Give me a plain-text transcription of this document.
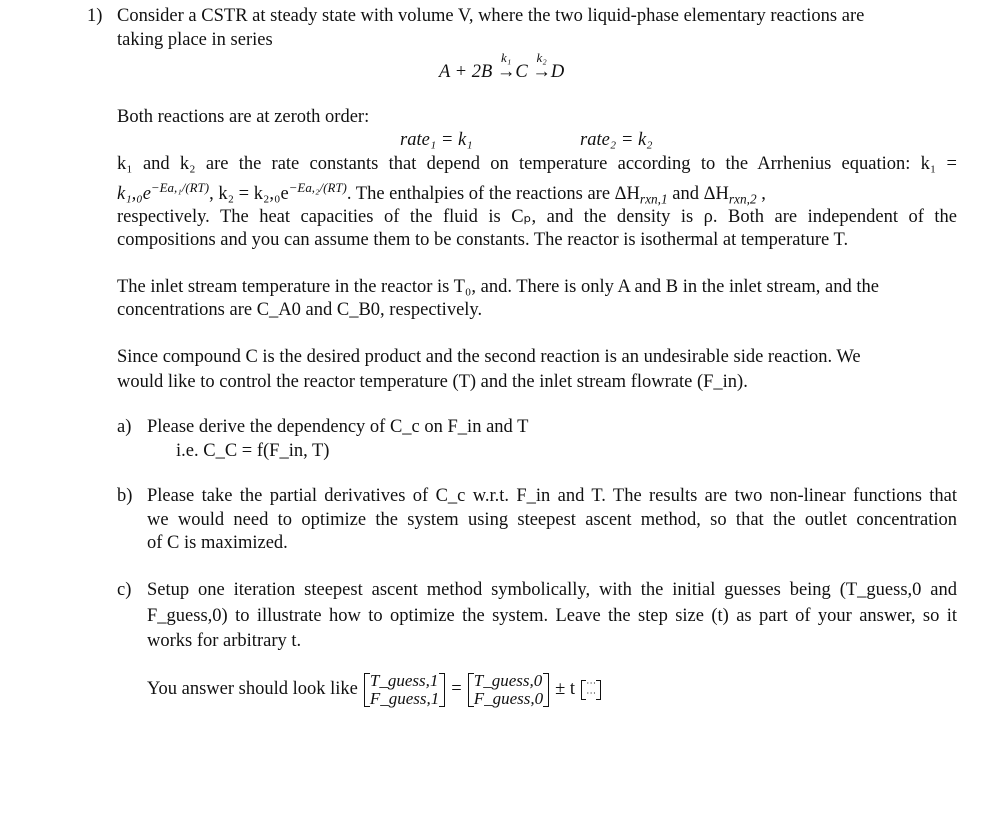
1) Consider a CSTR at steady state with volume V, where the two liquid-phase elementary reactions are
taking place in series
A + 2B
k₁
→C
k₂
→D
Both reactions are at zeroth order:
rate₁ = k₁	rate₂ = k₂
k₁ and k₂ are the rate constants that depend on temperature according to the Arrhenius equation: k₁ =
$k_1,_0e^{-Ea,_1/(RT)}$, $k_2 = k_2,_0e^{-Ea,_2/(RT)}$. The enthalpies of the reactions are $\Delta H_{rxn,1}$ and $\Delta H_{rxn,2}$ ,
respectively. The heat capacities of the fluid is Cₚ, and the density is ρ. Both are independent of the
compositions and you can assume them to be constants. The reactor is isothermal at temperature T.
The inlet stream temperature in the reactor is T₀, and. There is only A and B in the inlet stream, and the
concentrations are C_A0 and C_B0, respectively.
Since compound C is the desired product and the second reaction is an undesirable side reaction. We
would like to control the reactor temperature (T) and the inlet stream flowrate (F_in).
a) Please derive the dependency of C_c on F_in and T
i.e. C_C = f(F_in, T)
b) Please take the partial derivatives of C_c w.r.t. F_in and T. The results are two non-linear functions that
we would need to optimize the system using steepest ascent method, so that the outlet concentration
of C is maximized.
c) Setup one iteration steepest ascent method symbolically, with the initial guesses being (T_guess,0 and
F_guess,0) to illustrate how to optimize the system. Leave the step size (t) as part of your answer, so it
works for arbitrary t.
You answer should look like T_guess,1
F_guess,1 = T_guess,0
F_guess,0 ± t	⋯
⋯
